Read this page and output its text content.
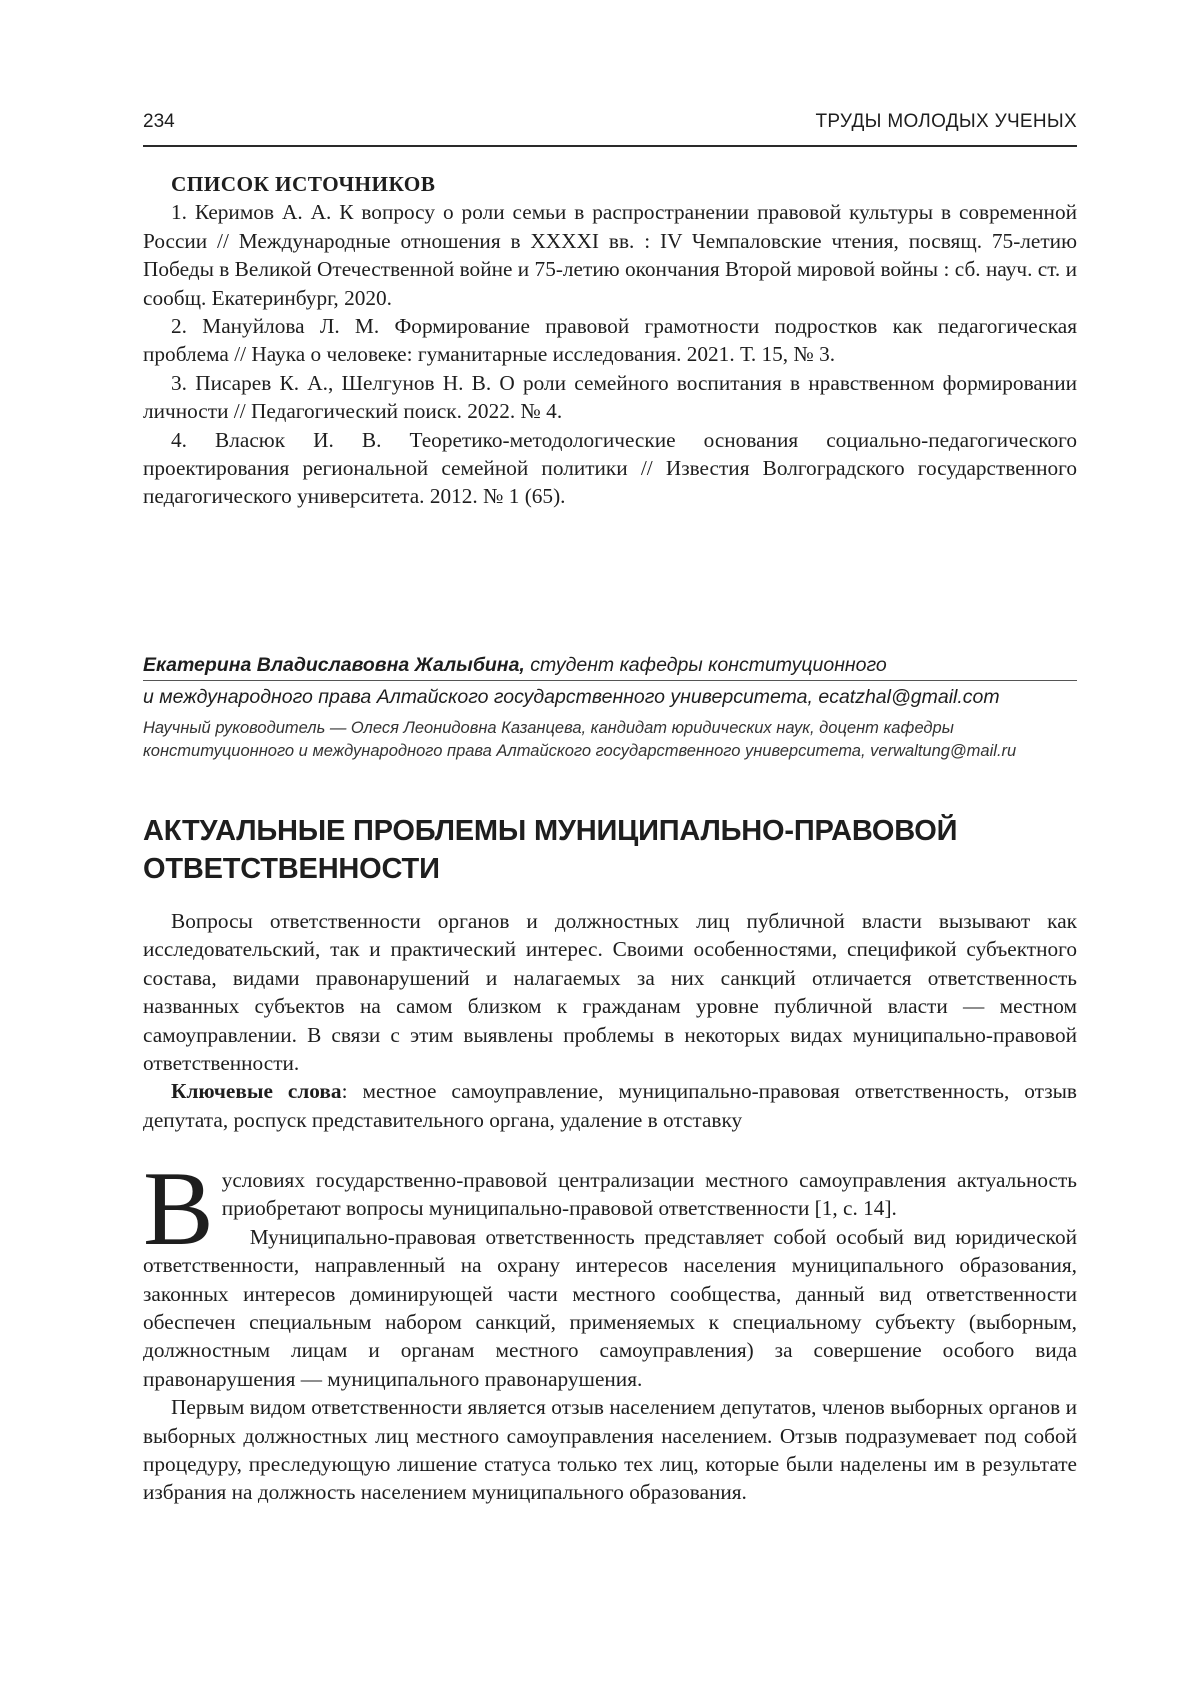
234	ТРУДЫ МОЛОДЫХ УЧЕНЫХ
СПИСОК ИСТОЧНИКОВ

1. Керимов А. А. К вопросу о роли семьи в распространении правовой культуры в современной России // Международные отношения в XXXXI вв. : IV Чемпаловские чтения, посвящ. 75-летию Победы в Великой Отечественной войне и 75-летию окончания Второй мировой войны : сб. науч. ст. и сообщ. Екатеринбург, 2020.

2. Мануйлова Л. М. Формирование правовой грамотности подростков как педагогическая проблема // Наука о человеке: гуманитарные исследования. 2021. Т. 15, № 3.

3. Писарев К. А., Шелгунов Н. В. О роли семейного воспитания в нравственном формировании личности // Педагогический поиск. 2022. № 4.

4. Власюк И. В. Теоретико-методологические основания социально-педагогического проектирования региональной семейной политики // Известия Волгоградского государственного педагогического университета. 2012. № 1 (65).

Екатерина Владиславовна Жалыбина, студент кафедры конституционного
и международного права Алтайского государственного университета, ecatzhal@gmail.com
Научный руководитель — Олеся Леонидовна Казанцева, кандидат юридических наук, доцент кафедры конституционного и международного права Алтайского государственного университета, verwaltung@mail.ru
АКТУАЛЬНЫЕ ПРОБЛЕМЫ МУНИЦИПАЛЬНО-ПРАВОВОЙ ОТВЕТСТВЕННОСТИ

Вопросы ответственности органов и должностных лиц публичной власти вызывают как исследовательский, так и практический интерес. Своими особенностями, спецификой субъектного состава, видами правонарушений и налагаемых за них санкций отличается ответственность названных субъектов на самом близком к гражданам уровне публичной власти — местном самоуправлении. В связи с этим выявлены проблемы в некоторых видах муниципально-правовой ответственности.

Ключевые слова: местное самоуправление, муниципально-правовая ответственность, отзыв депутата, роспуск представительного органа, удаление в отставку

В условиях государственно-правовой централизации местного самоуправления актуальность приобретают вопросы муниципально-правовой ответственности [1, с. 14].

Муниципально-правовая ответственность представляет собой особый вид юридической ответственности, направленный на охрану интересов населения муниципального образования, законных интересов доминирующей части местного сообщества, данный вид ответственности обеспечен специальным набором санкций, применяемых к специальному субъекту (выборным, должностным лицам и органам местного самоуправления) за совершение особого вида правонарушения — муниципального правонарушения.

Первым видом ответственности является отзыв населением депутатов, членов выборных органов и выборных должностных лиц местного самоуправления населением. Отзыв подразумевает под собой процедуру, преследующую лишение статуса только тех лиц, которые были наделены им в результате избрания на должность населением муниципального образования.
